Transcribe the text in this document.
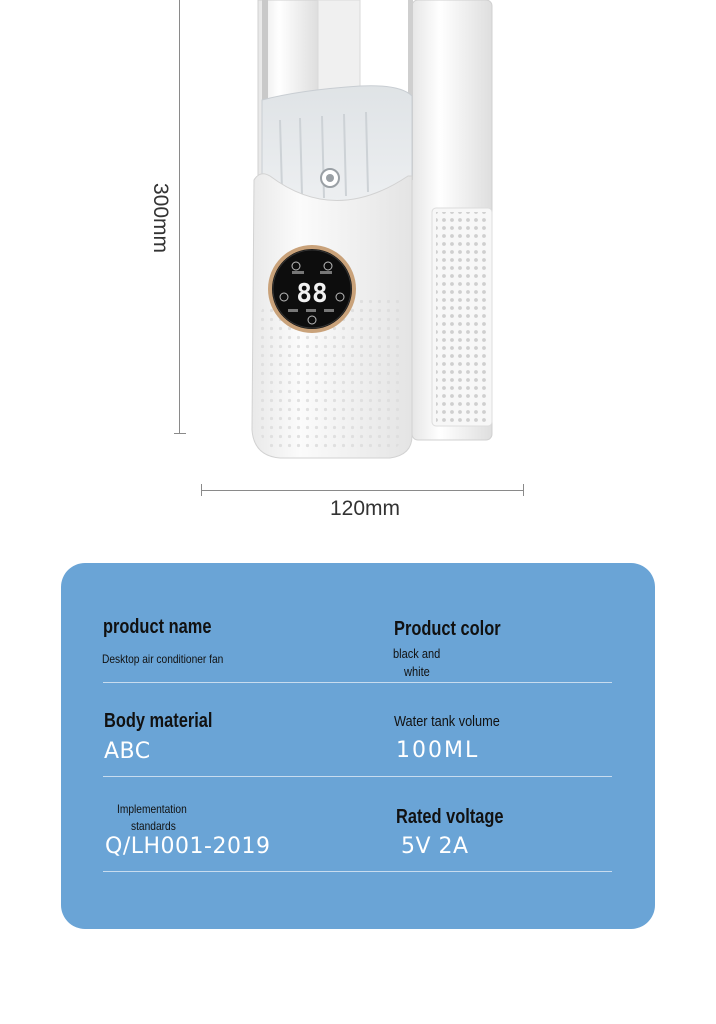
88
300mm
120mm
product name
Desktop air conditioner fan
Product color
black and
white
Body material
ABC
Water tank volume
100ML
Implementation
standards
Q/LH001-2019
Rated voltage
5V 2A
